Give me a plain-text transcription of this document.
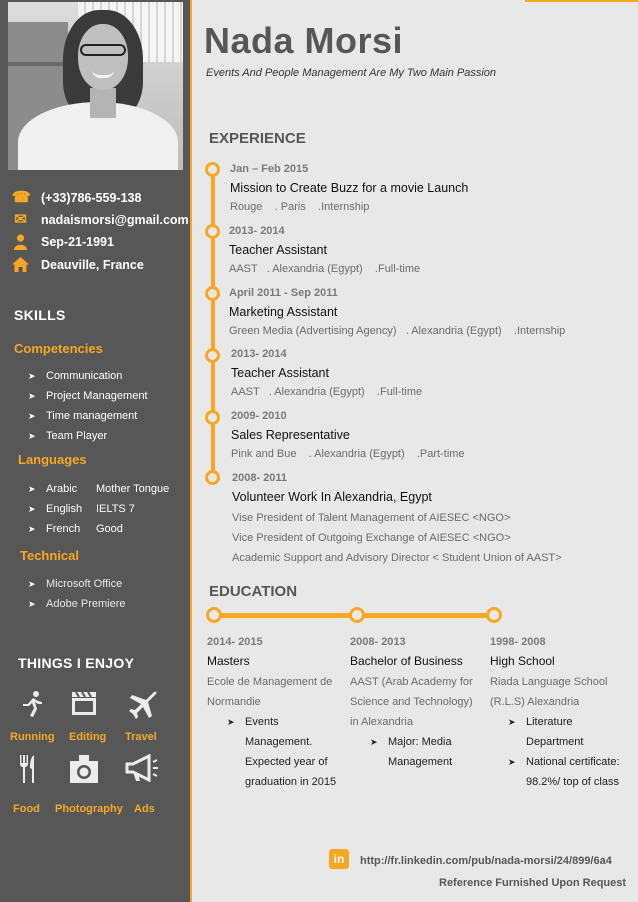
☎ (+33)786-559-138
✉ nadaismorsi@gmail.com
Sep-21-1991
Deauville, France
SKILLS
Competencies
➤ Communication
➤ Project Management
➤ Time management
➤ Team Player
Languages
➤ Arabic Mother Tongue
➤ English IELTS 7
➤ French Good
Technical
➤ Microsoft Office
➤ Adobe Premiere
THINGS I ENJOY
Running Editing Travel
Food Photography Ads
Nada Morsi
Events And People Management Are My Two Main Passion
EXPERIENCE
Jan – Feb 2015
Mission to Create Buzz for a movie Launch
Rouge    . Paris    .Internship
2013- 2014
Teacher Assistant
AAST   . Alexandria (Egypt)    .Full-time
April 2011 - Sep 2011
Marketing Assistant
Green Media (Advertising Agency)   . Alexandria (Egypt)    .Internship
2013- 2014
Teacher Assistant
AAST   . Alexandria (Egypt)    .Full-time
2009- 2010
Sales Representative
Pink and Bue    . Alexandria (Egypt)    .Part-time
2008- 2011
Volunteer Work In Alexandria, Egypt
Vise President of Talent Management of AIESEC <NGO>
Vice President of Outgoing Exchange of AIESEC <NGO>
Academic Support and Advisory Director < Student Union of AAST>
EDUCATION
2014- 2015
Masters
Ecole de Management de
Normandie
➤ Events
Management.
Expected year of
graduation in 2015
2008- 2013
Bachelor of Business
AAST (Arab Academy for
Science and Technology)
in Alexandria
➤ Major: Media
Management
1998- 2008
High School
Riada Language School
(R.L.S) Alexandria
➤ Literature
Department
➤ National certificate:
98.2%/ top of class
in	http://fr.linkedin.com/pub/nada-morsi/24/899/6a4
Reference Furnished Upon Request
